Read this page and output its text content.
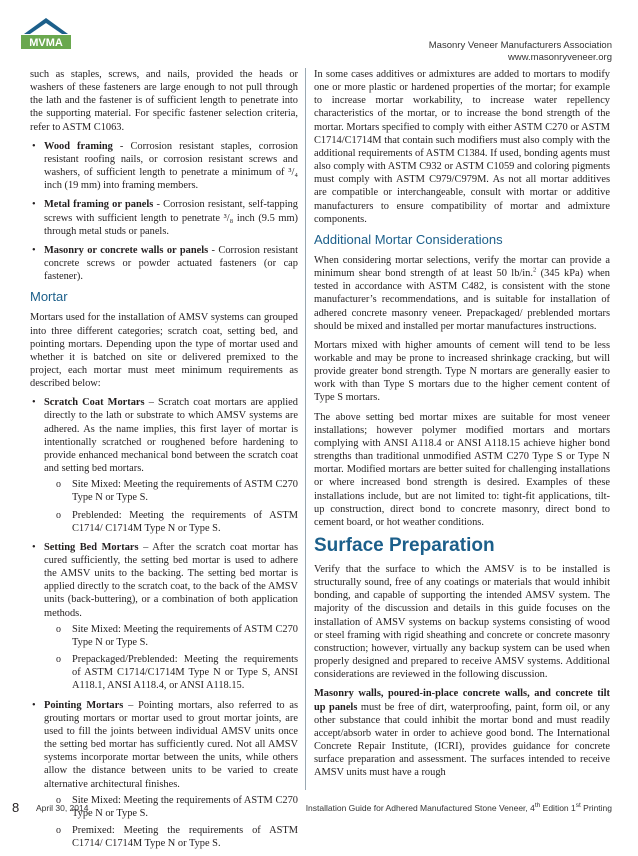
MVMA	Masonry Veneer Manufacturers Association
www.masonryveneer.org

such as staples, screws, and nails, provided the heads or washers of these fasteners are large enough to not pull through the lath and the fastener is of sufficient length to penetrate into the supporting material. For specific fastener selection criteria, refer to ASTM C1063.

• Wood framing - Corrosion resistant staples, corrosion resistant roofing nails, or corrosion resistant screws and washers, of sufficient length to penetrate a minimum of ³/₄ inch (19 mm) into framing members.
• Metal framing or panels - Corrosion resistant, self-tapping screws with sufficient length to penetrate ³/₈ inch (9.5 mm) through metal studs or panels.
• Masonry or concrete walls or panels - Corrosion resistant concrete screws or powder actuated fasteners (or cap fastener).
Mortar

Mortars used for the installation of AMSV systems can grouped into three different categories; scratch coat, setting bed, and pointing mortars. Depending upon the type of mortar used and whether it is batched on site or delivered premixed to the project, each mortar must meet minimum requirements as described below:

• Scratch Coat Mortars – Scratch coat mortars are applied directly to the lath or substrate to which AMSV systems are adhered. As the name implies, this first layer of mortar is intentionally scratched or roughened before hardening to provide enhanced mechanical bond between the scratch coat and setting bed mortars.
o Site Mixed: Meeting the requirements of ASTM C270 Type N or Type S.
o Preblended: Meeting the requirements of ASTM C1714/ C1714M Type N or Type S.
• Setting Bed Mortars – After the scratch coat mortar has cured sufficiently, the setting bed mortar is used to adhere the AMSV units to the backing. The setting bed mortar is applied directly to the scratch coat, to the back of the AMSV units (back-buttering), or a combination of both application methods.
o Site Mixed: Meeting the requirements of ASTM C270 Type N or Type S.
o Prepackaged/Preblended: Meeting the requirements of ASTM C1714/C1714M Type N or Type S, ANSI A118.1, ANSI A118.4, or ANSI A118.15.
• Pointing Mortars – Pointing mortars, also referred to as grouting mortars or mortar used to grout mortar joints, are used to fill the joints between individual AMSV units once the setting bed mortar has sufficiently cured. Not all AMSV systems incorporate mortar between the units, while others allow the distance between units to be varied to create alternative architectural finishes.
o Site Mixed: Meeting the requirements of ASTM C270 Type N or Type S.
o Premixed: Meeting the requirements of ASTM C1714/ C1714M Type N or Type S.

In some cases additives or admixtures are added to mortars to modify one or more plastic or hardened properties of the mortar; for example to increase mortar workability, to increase water repellency characteristics of the mortar, or to increase the bond strength of the mortar. Mortars specified to comply with either ASTM C270 or ASTM C1714/C1714M that contain such modifiers must also comply with the additional requirements of ASTM C1384. If used, bonding agents must also comply with ASTM C932 or ASTM C1059 and coloring pigments must comply with ASTM C979/C979M. As not all mortar additives are compatible or interchangeable, consult with mortar or additive manufacturers to ensure compatibility of mortar and admixture components.

Additional Mortar Considerations

When considering mortar selections, verify the mortar can provide a minimum shear bond strength of at least 50 lb/in.$^2$ (345 kPa) when tested in accordance with ASTM C482, is consistent with the stone manufacturer’s recommendations, and is suitable for installation of adhered concrete masonry veneer. Prepackaged/ preblended mortars should be mixed and installed per mortar manufactures instructions.

Mortars mixed with higher amounts of cement will tend to be less workable and may be prone to increased shrinkage cracking, but will provide greater bond strength. Type N mortars are generally easier to work with than Type S mortars due to the higher cement content of Type S mortars.

The above setting bed mortar mixes are suitable for most veneer installations; however polymer modified mortars and mortars complying with ANSI A118.4 or ANSI A118.15 achieve higher bond strengths than traditional unmodified ASTM C270 Type S or Type N mortar. Modified mortars are better suited for challenging installations or where increased bond strength is desired. Examples of these installations include, but are not limited to: tight-fit applications, tilt-up construction, direct bond to concrete masonry, direct bond to cement board, or hot weather conditions.

Surface Preparation

Verify that the surface to which the AMSV is to be installed is structurally sound, free of any coatings or materials that would inhibit bonding, and capable of supporting the intended AMSV system. The majority of the discussion and details in this guide focuses on the installation of AMSV systems on backup systems consisting of wood or steel framing with rigid sheathing and concrete or concrete masonry construction; however, virtually any backup system can be used when properly designed and prepared to receive AMSV systems. Additional considerations are reviewed in the following discussion.

Masonry walls, poured-in-place concrete walls, and concrete tilt up panels must be free of dirt, waterproofing, paint, form oil, or any other substance that could inhibit the mortar bond and must readily accept/absorb water in order to achieve good bond. The International Concrete Repair Institute, (ICRI), provides guidance for concrete surface preparation and assessment. The surfaces intended to receive AMSV units must have a rough

8 April 30, 2014	Installation Guide for Adhered Manufactured Stone Veneer, 4th Edition 1st Printing
